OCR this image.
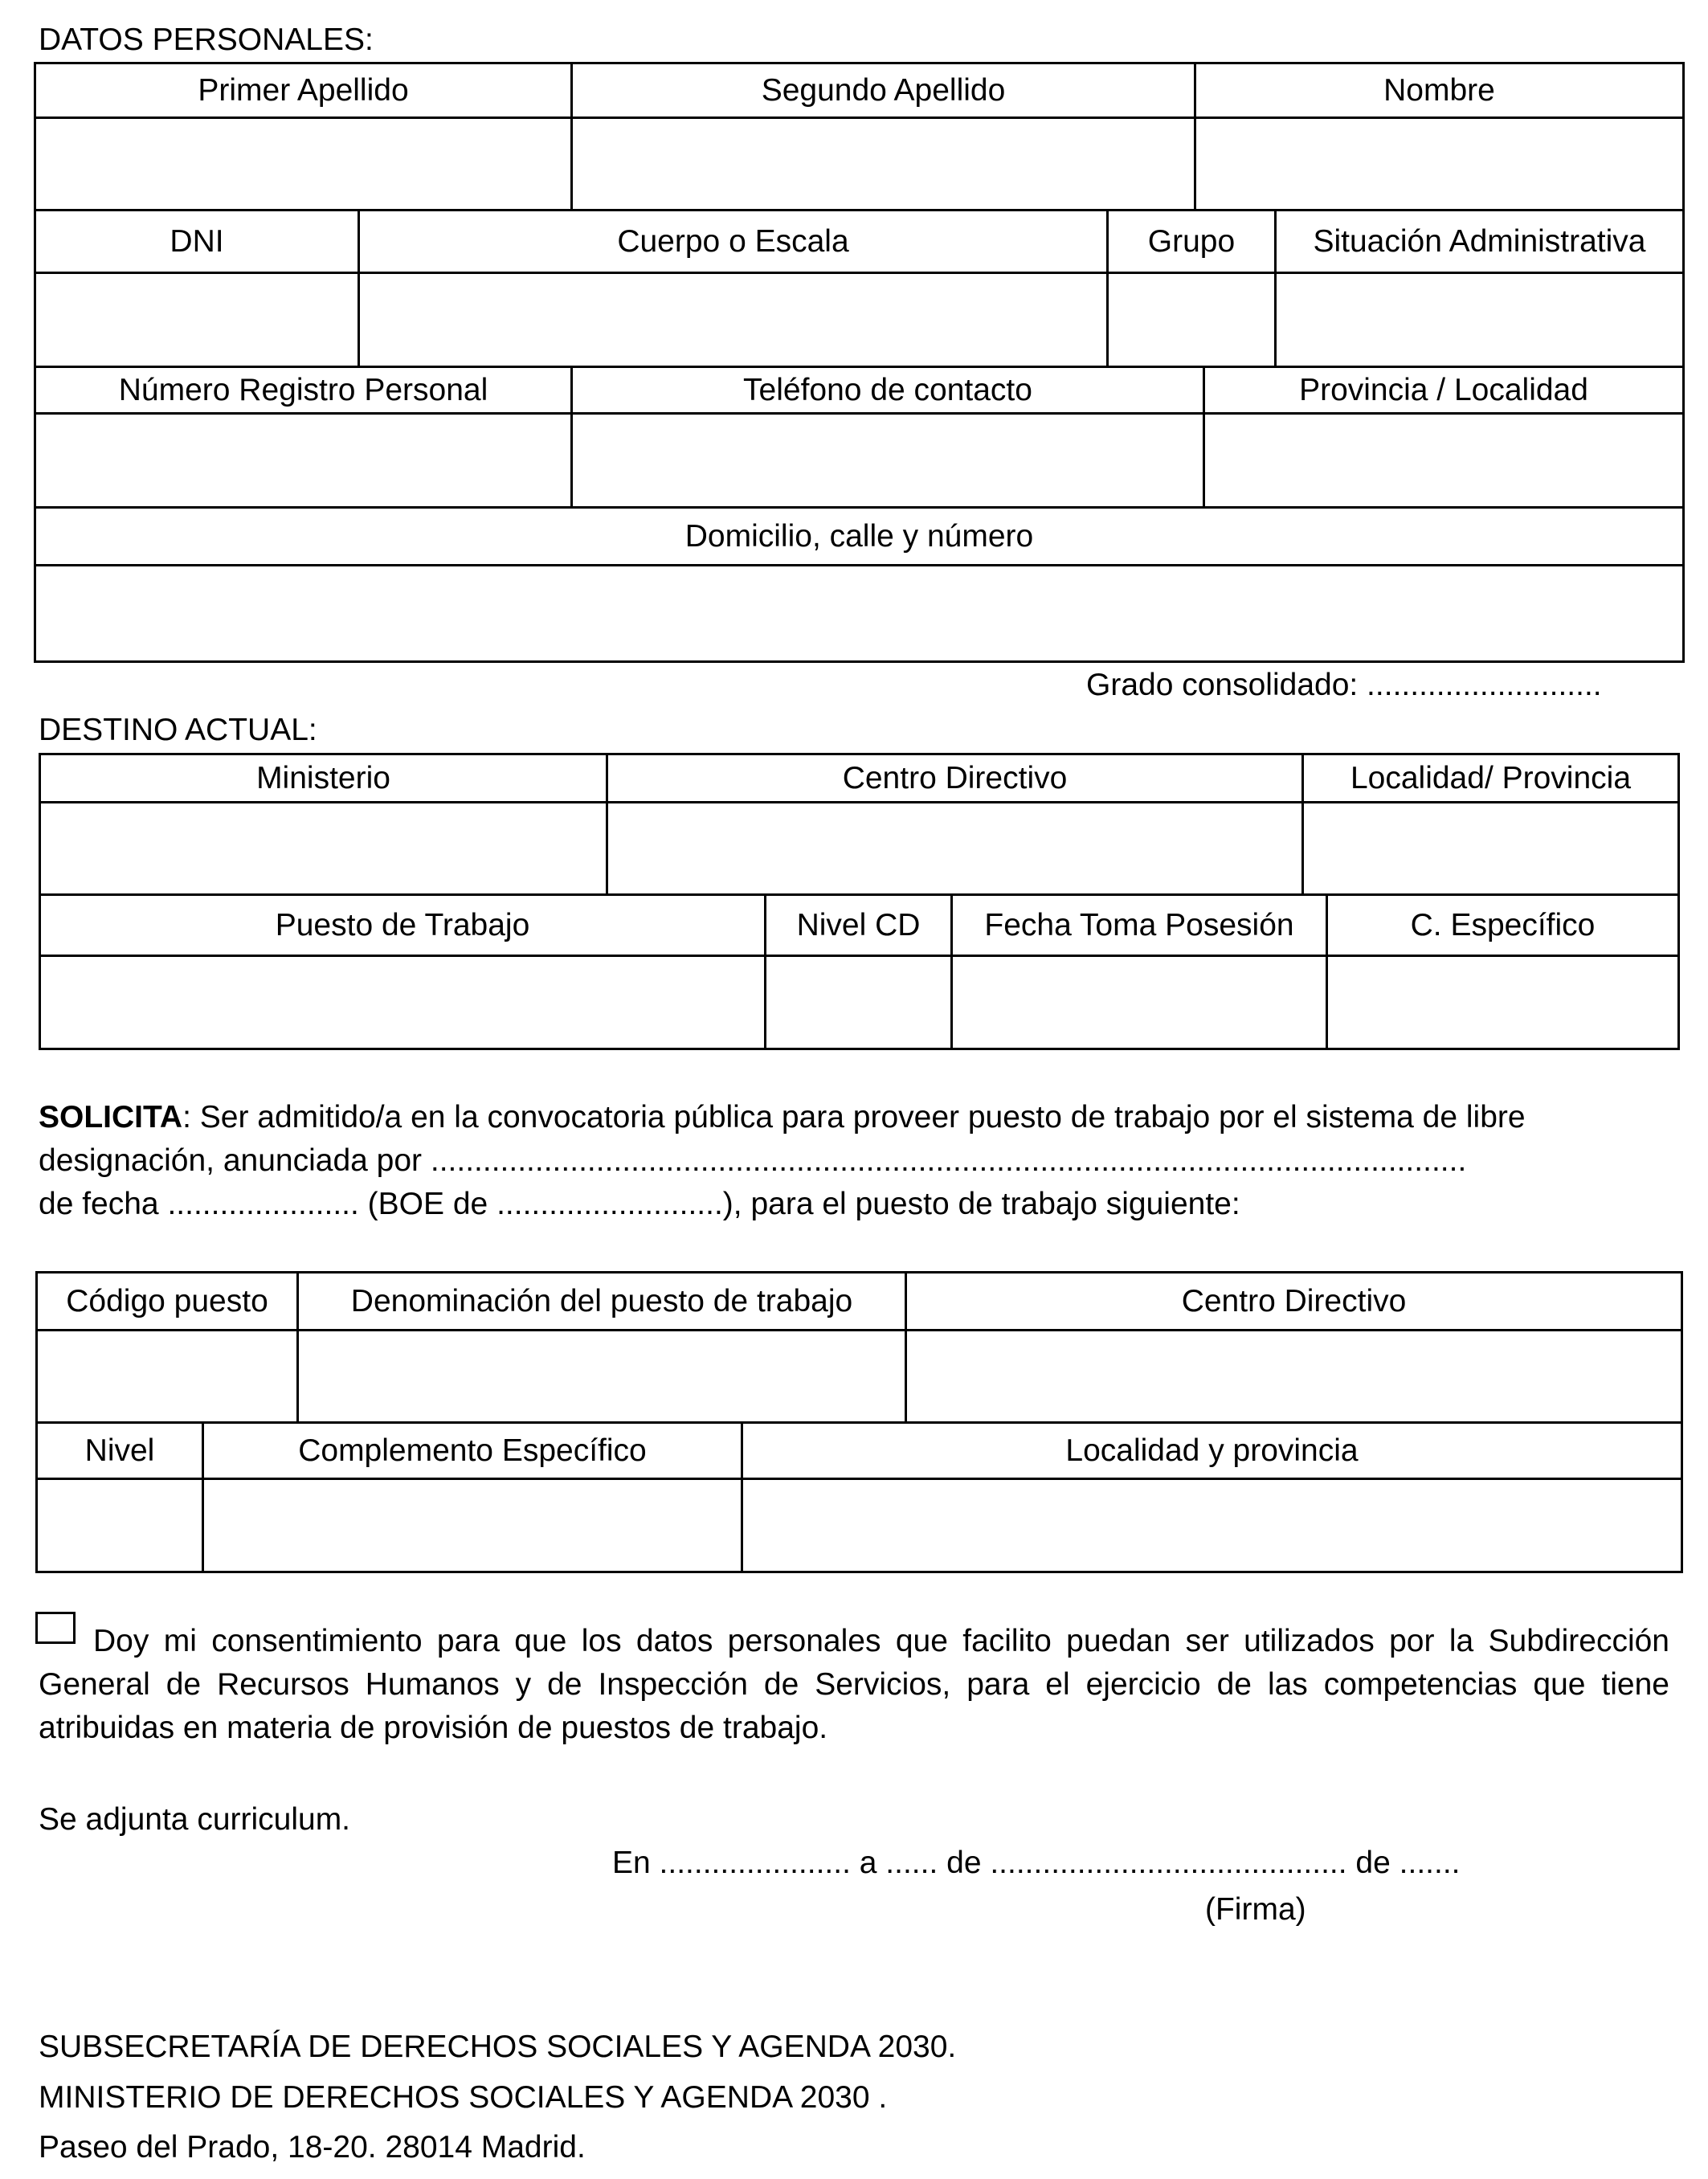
DATOS PERSONALES:
Primer Apellido	Segundo Apellido	Nombre

DNI	Cuerpo o Escala	Grupo	Situación Administrativa

Número Registro Personal	Teléfono de contacto	Provincia / Localidad

Domicilio, calle y número

Grado consolidado: ...........................
DESTINO ACTUAL:
Ministerio	Centro Directivo	Localidad/ Provincia

Puesto de Trabajo	Nivel CD	Fecha Toma Posesión	C. Específico

SOLICITA: Ser admitido/a en la convocatoria pública para proveer puesto de trabajo por el sistema de libre
designación, anunciada por .......................................................................................................................
de fecha ...................... (BOE de ..........................), para el puesto de trabajo siguiente:
Código puesto	Denominación del puesto de trabajo	Centro Directivo

Nivel	Complemento Específico	Localidad y provincia

Doy mi consentimiento para que los datos personales que facilito puedan ser utilizados por la Subdirección General de Recursos Humanos y de Inspección de Servicios, para el ejercicio de las competencias que tiene atribuidas en materia de provisión de puestos de trabajo.
Se adjunta curriculum.
En ...................... a ...... de ......................................... de .......
(Firma)
SUBSECRETARÍA DE DERECHOS SOCIALES Y AGENDA 2030.
MINISTERIO DE DERECHOS SOCIALES Y AGENDA 2030 .
Paseo del Prado, 18-20. 28014 Madrid.
